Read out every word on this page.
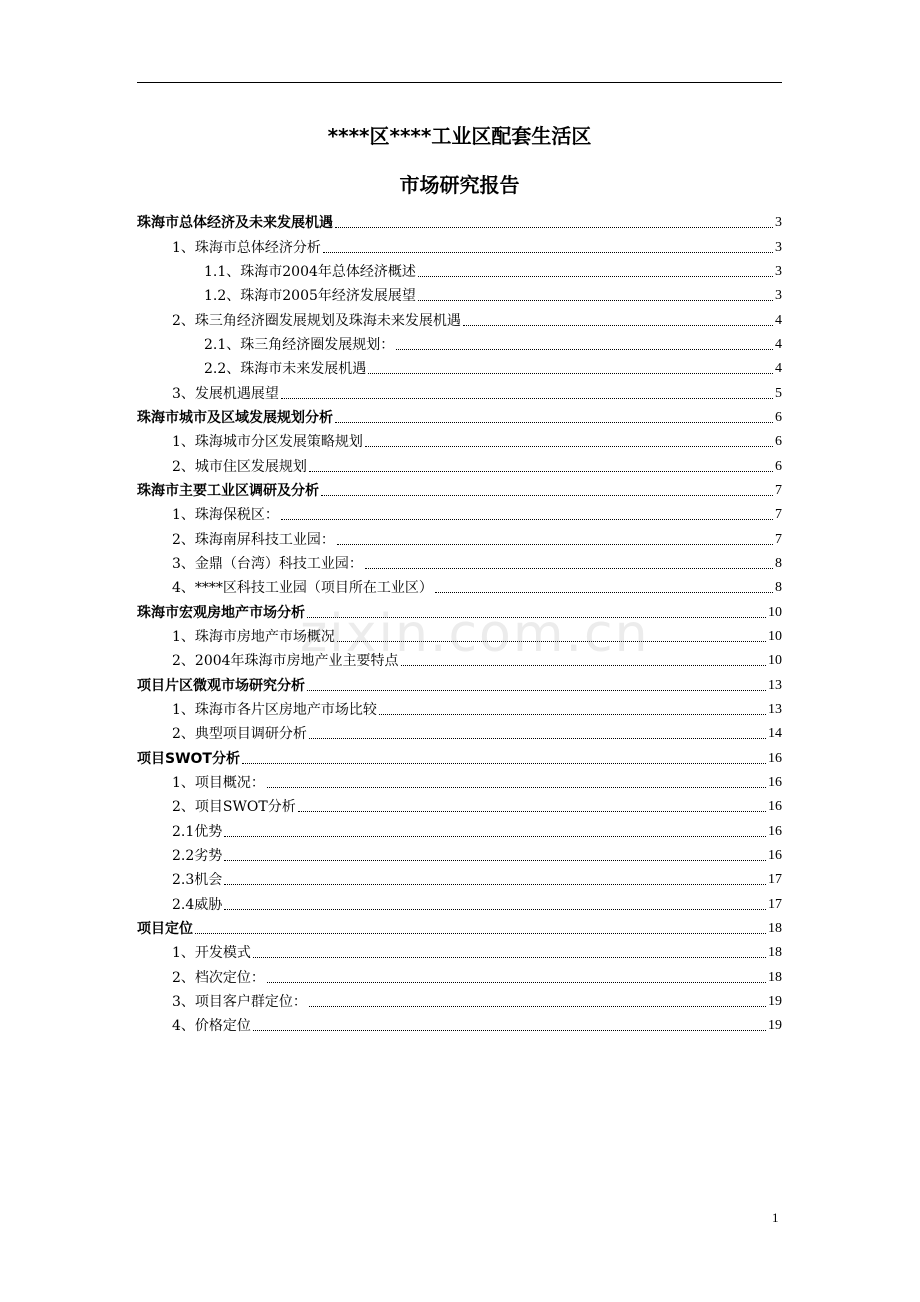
****区****工业区配套生活区
市场研究报告
珠海市总体经济及未来发展机遇	3
1、珠海市总体经济分析	3
1.1、珠海市2004年总体经济概述	3
1.2、珠海市2005年经济发展展望	3
2、珠三角经济圈发展规划及珠海未来发展机遇	4
2.1、珠三角经济圈发展规划：	4
2.2、珠海市未来发展机遇	4
3、发展机遇展望	5
珠海市城市及区域发展规划分析	6
1、珠海城市分区发展策略规划	6
2、城市住区发展规划	6
珠海市主要工业区调研及分析	7
1、珠海保税区：	7
2、珠海南屏科技工业园：	7
3、金鼎（台湾）科技工业园：	8
4、****区科技工业园（项目所在工业区）	8
珠海市宏观房地产市场分析	10
1、珠海市房地产市场概况	10
2、2004年珠海市房地产业主要特点	10
项目片区微观市场研究分析	13
1、珠海市各片区房地产市场比较	13
2、典型项目调研分析	14
项目SWOT分析	16
1、项目概况：	16
2、项目SWOT分析	16
2.1优势	16
2.2劣势	16
2.3机会	17
2.4威胁	17
项目定位	18
1、开发模式	18
2、档次定位：	18
3、项目客户群定位：	19
4、价格定位	19
zixin.com.cn
1
